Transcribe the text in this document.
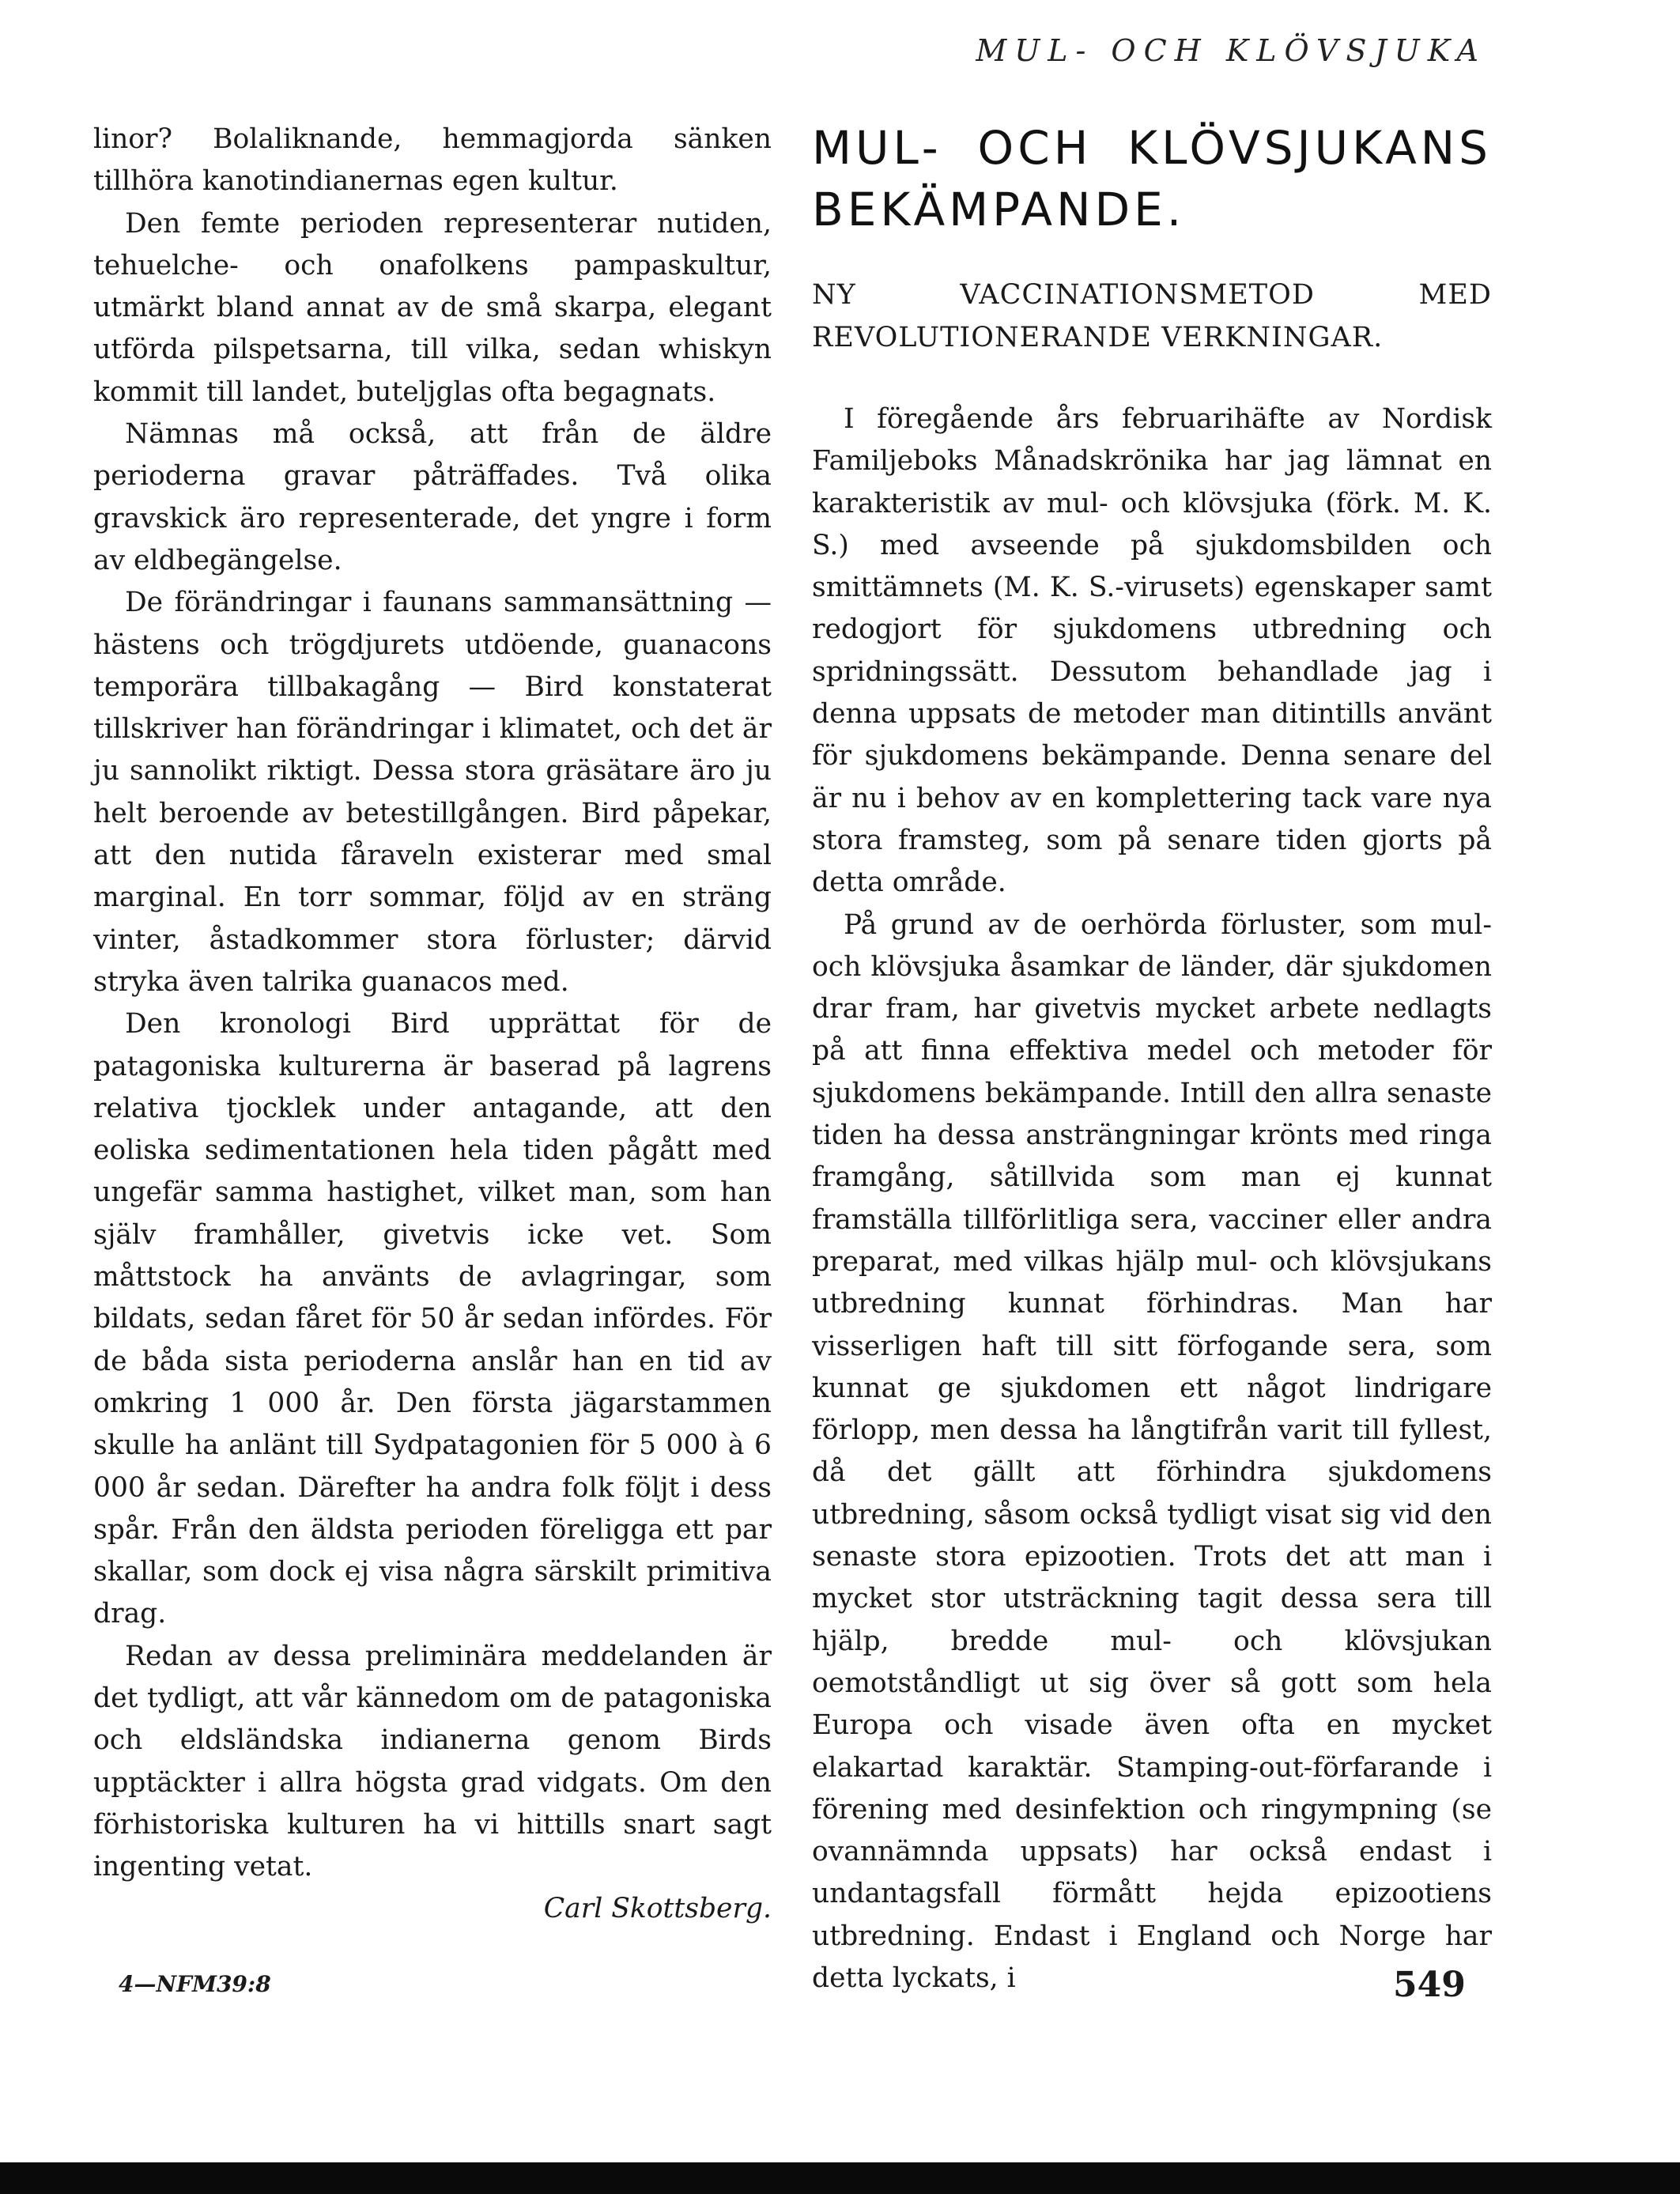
MUL- OCH KLÖVSJUKA

linor? Bolaliknande, hemmagjorda sänken tillhöra kanotindianernas egen kultur.

Den femte perioden representerar nutiden, tehuelche- och onafolkens pampaskultur, utmärkt bland annat av de små skarpa, elegant utförda pilspetsarna, till vilka, sedan whiskyn kommit till landet, buteljglas ofta begagnats.

Nämnas må också, att från de äldre perioderna gravar påträffades. Två olika gravskick äro representerade, det yngre i form av eldbegängelse.

De förändringar i faunans sammansättning — hästens och trögdjurets utdöende, guanacons temporära tillbakagång — Bird konstaterat tillskriver han förändringar i klimatet, och det är ju sannolikt riktigt. Dessa stora gräsätare äro ju helt beroende av betestillgången. Bird påpekar, att den nutida fåraveln existerar med smal marginal. En torr sommar, följd av en sträng vinter, åstadkommer stora förluster; därvid stryka även talrika guanacos med.

Den kronologi Bird upprättat för de patagoniska kulturerna är baserad på lagrens relativa tjocklek under antagande, att den eoliska sedimentationen hela tiden pågått med ungefär samma hastighet, vilket man, som han själv framhåller, givetvis icke vet. Som måttstock ha använts de avlagringar, som bildats, sedan fåret för 50 år sedan infördes. För de båda sista perioderna anslår han en tid av omkring 1 000 år. Den första jägarstammen skulle ha anlänt till Sydpatagonien för 5 000 à 6 000 år sedan. Därefter ha andra folk följt i dess spår. Från den äldsta perioden föreligga ett par skallar, som dock ej visa några särskilt primitiva drag.

Redan av dessa preliminära meddelanden är det tydligt, att vår kännedom om de patagoniska och eldsländska indianerna genom Birds upptäckter i allra högsta grad vidgats. Om den förhistoriska kulturen ha vi hittills snart sagt ingenting vetat.

Carl Skottsberg.
MUL- OCH KLÖVSJUKANS BEKÄMPANDE.
NY VACCINATIONSMETOD MED REVOLUTIONERANDE VERKNINGAR.

I föregående års februarihäfte av Nordisk Familjeboks Månadskrönika har jag lämnat en karakteristik av mul- och klövsjuka (förk. M. K. S.) med avseende på sjukdomsbilden och smittämnets (M. K. S.-virusets) egenskaper samt redogjort för sjukdomens utbredning och spridningssätt. Dessutom behandlade jag i denna uppsats de metoder man ditintills använt för sjukdomens bekämpande. Denna senare del är nu i behov av en komplettering tack vare nya stora framsteg, som på senare tiden gjorts på detta område.

På grund av de oerhörda förluster, som mul- och klövsjuka åsamkar de länder, där sjukdomen drar fram, har givetvis mycket arbete nedlagts på att finna effektiva medel och metoder för sjukdomens bekämpande. Intill den allra senaste tiden ha dessa ansträngningar krönts med ringa framgång, såtillvida som man ej kunnat framställa tillförlitliga sera, vacciner eller andra preparat, med vilkas hjälp mul- och klövsjukans utbredning kunnat förhindras. Man har visserligen haft till sitt förfogande sera, som kunnat ge sjukdomen ett något lindrigare förlopp, men dessa ha långtifrån varit till fyllest, då det gällt att förhindra sjukdomens utbredning, såsom också tydligt visat sig vid den senaste stora epizootien. Trots det att man i mycket stor utsträckning tagit dessa sera till hjälp, bredde mul- och klövsjukan oemotståndligt ut sig över så gott som hela Europa och visade även ofta en mycket elakartad karaktär. Stamping-out-förfarande i förening med desinfektion och ringympning (se ovannämnda uppsats) har också endast i undantagsfall förmått hejda epizootiens utbredning. Endast i England och Norge har detta lyckats, i

4—NFM39:8	549
